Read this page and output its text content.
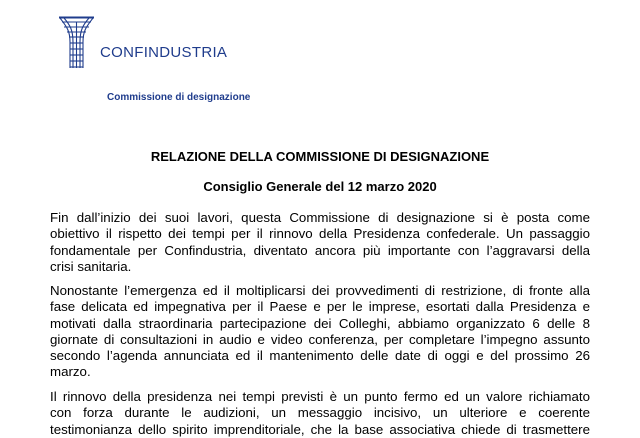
CONFINDUSTRIA
Commissione di designazione
RELAZIONE DELLA COMMISSIONE DI DESIGNAZIONE
Consiglio Generale del 12 marzo 2020
Fin dall’inizio dei suoi lavori, questa Commissione di designazione si è posta come
obiettivo il rispetto dei tempi per il rinnovo della Presidenza confederale. Un passaggio
fondamentale per Confindustria, diventato ancora più importante con l’aggravarsi della
crisi sanitaria.
Nonostante l’emergenza ed il moltiplicarsi dei provvedimenti di restrizione, di fronte alla
fase delicata ed impegnativa per il Paese e per le imprese, esortati dalla Presidenza e
motivati dalla straordinaria partecipazione dei Colleghi, abbiamo organizzato 6 delle 8
giornate di consultazioni in audio e video conferenza, per completare l’impegno assunto
secondo l’agenda annunciata ed il mantenimento delle date di oggi e del prossimo 26
marzo.
Il rinnovo della presidenza nei tempi previsti è un punto fermo ed un valore richiamato
con forza durante le audizioni, un messaggio incisivo, un ulteriore e coerente
testimonianza dello spirito imprenditoriale, che la base associativa chiede di trasmettere
